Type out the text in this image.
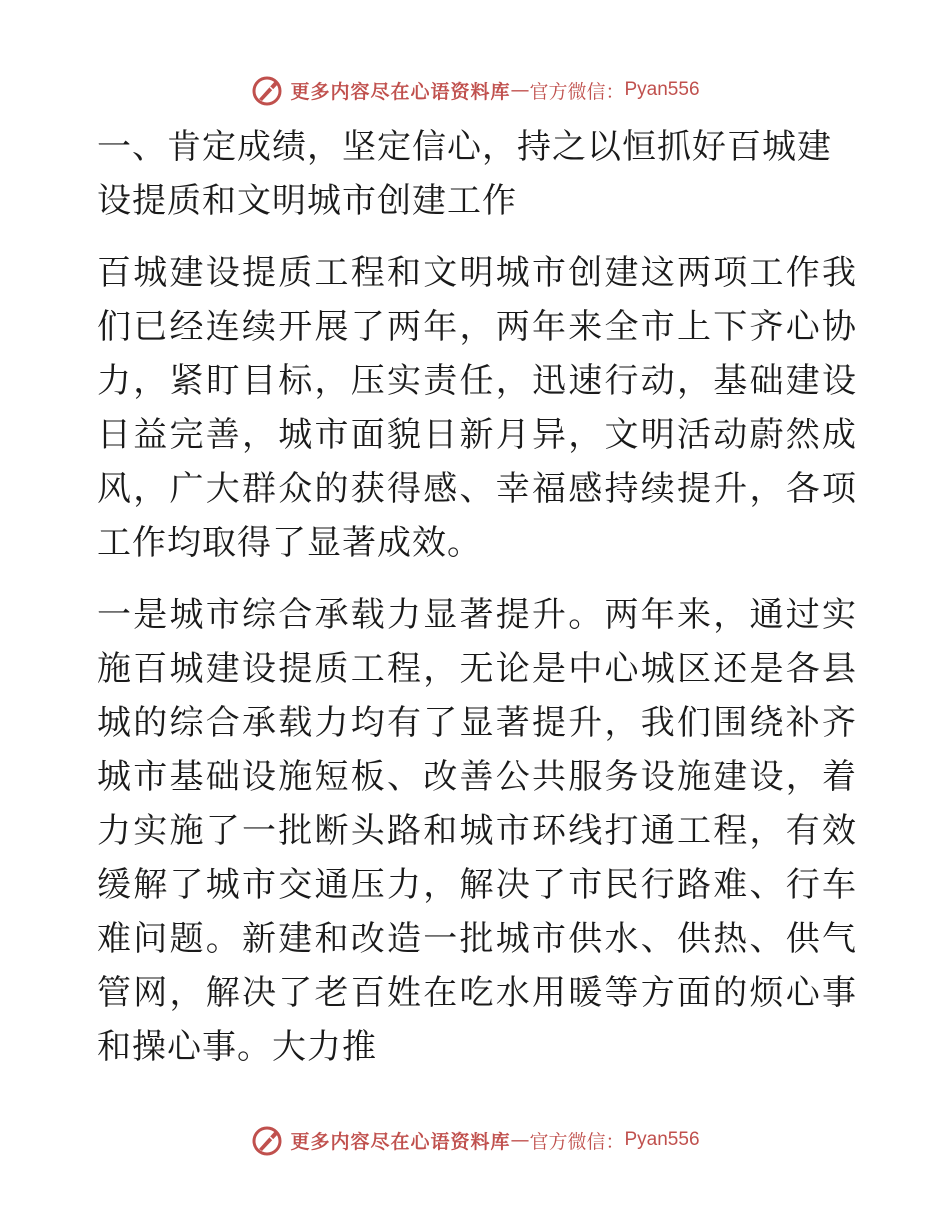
更多内容尽在心语资料库 — 官方微信： Pyan556

一、肯定成绩，坚定信心，持之以恒抓好百城建设提质和文明城市创建工作

百城建设提质工程和文明城市创建这两项工作我们已经连续开展了两年，两年来全市上下齐心协力，紧盯目标，压实责任，迅速行动，基础建设日益完善，城市面貌日新月异，文明活动蔚然成风，广大群众的获得感、幸福感持续提升，各项工作均取得了显著成效。

一是城市综合承载力显著提升。两年来，通过实施百城建设提质工程，无论是中心城区还是各县城的综合承载力均有了显著提升，我们围绕补齐城市基础设施短板、改善公共服务设施建设，着力实施了一批断头路和城市环线打通工程，有效缓解了城市交通压力，解决了市民行路难、行车难问题。新建和改造一批城市供水、供热、供气管网，解决了老百姓在吃水用暖等方面的烦心事和操心事。大力推

更多内容尽在心语资料库 — 官方微信： Pyan556
